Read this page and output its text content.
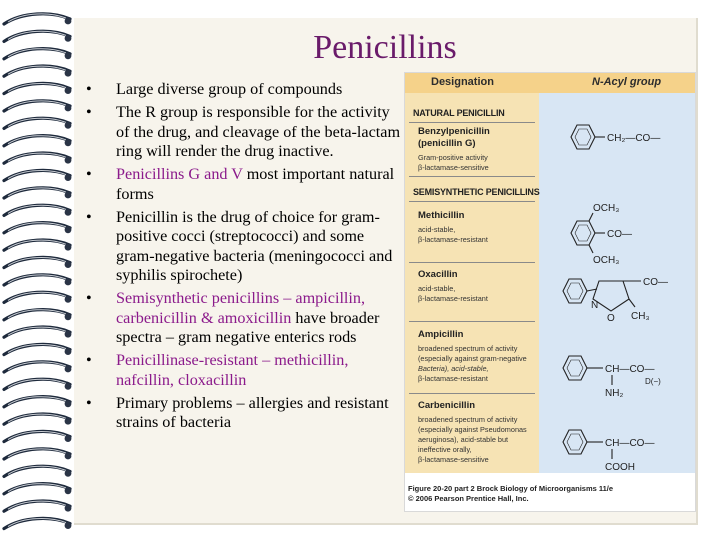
Penicillins
• Large diverse group of compounds
• The R group is responsible for the activity of the drug, and cleavage of the beta-lactam ring will render the drug inactive.
• Penicillins G and V most important natural forms
• Penicillin is the drug of choice for gram-positive cocci (streptococci) and some gram-negative bacteria (meningococci and syphilis spirochete)
• Semisynthetic penicillins – ampicillin, carbenicillin & amoxicillin have broader spectra – gram negative enterics rods
• Penicillinase-resistant – methicillin, nafcillin, cloxacillin
• Primary problems – allergies and resistant strains of bacteria
Designation	N-Acyl group
NATURAL PENICILLIN
Benzylpenicillin
(penicillin G)
Gram-positive activity
β-lactamase-sensitive
SEMISYNTHETIC PENICILLINS
Methicillin
acid-stable,
β-lactamase-resistant
Oxacillin
acid-stable,
β-lactamase-resistant
Ampicillin
broadened spectrum of activity
(especially against gram-negative
Bacteria), acid-stable,
β-lactamase-resistant
Carbenicillin
broadened spectrum of activity
(especially against Pseudomonas
aeruginosa), acid-stable but
ineffective orally,
β-lactamase-sensitive
CH₂—CO—
OCH₃
CO—
OCH₃
CO—
N
O CH₃
CH—CO—
D(−)
NH₂
CH—CO—
COOH
Figure 20-20 part 2 Brock Biology of Microorganisms 11/e
© 2006 Pearson Prentice Hall, Inc.
